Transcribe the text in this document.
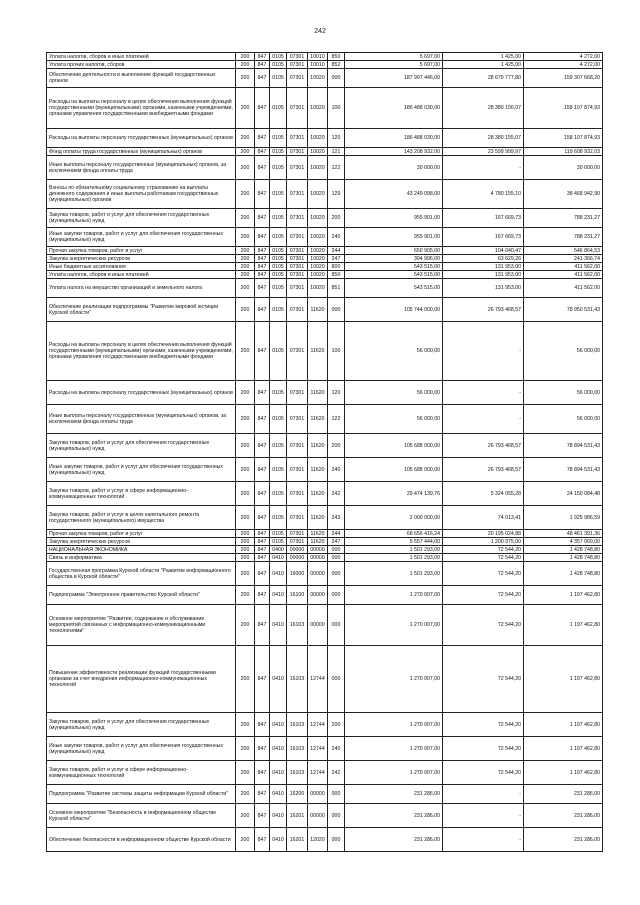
242
Уплата налогов, сборов и иных платежей	200	847	0105	07301	10010	850	5 697,00	1 425,00	4 272,00
Уплата прочих налогов, сборов	200	847	0105	07301	10010	852	5 697,00	1 425,00	4 272,00
Обеспечение деятельности и выполнение функций государственных органов	200	847	0105	07301	10020	000	187 997 446,00	28 679 777,80	159 307 668,20
Расходы на выплаты персоналу в целях обеспечения выполнения функций государственными (муниципальными) органами, казенными учреждениями, органами управления государственными внебюджетными фондами	200	847	0105	07301	10020	100	186 488 030,00	28 380 156,07	158 107 874,93
Расходы на выплаты персоналу государственных (муниципальных) органов	200	847	0105	07301	10020	120	186 488 030,00	28 380 155,07	158 107 874,93
Фонд оплаты труда государственных (муниципальных) органов	200	847	0105	07301	10020	121	143 208 932,00	23 599 999,97	119 608 932,03
Иные выплаты персоналу государственных (муниципальных) органов, за исключением фонда оплаты труда	200	847	0105	07301	10020	122	30 000,00	-	30 000,00
Взносы по обязательному социальному страхованию на выплаты денежного содержания и иные выплаты работникам государственных (муниципальных) органов	200	847	0105	07301	10020	129	43 249 098,00	4 780 155,10	38 468 942,90
Закупка товаров, работ и услуг для обеспечения государственных (муниципальных) нужд	200	847	0105	07301	10020	200	955 901,00	167 669,73	788 231,27
Иные закупки товаров, работ и услуг для обеспечения государственных (муниципальных) нужд	200	847	0105	07301	10020	240	955 901,00	167 669,73	788 231,27
Прочая закупка товаров, работ и услуг	200	847	0105	07301	10020	244	650 905,00	104 040,47	546 864,53
Закупка энергетических ресурсов	200	847	0105	07301	10020	247	304 996,00	63 629,26	241 366,74
Иные бюджетные ассигнования	200	847	0105	07301	10020	800	543 515,00	131 953,00	411 562,00
Уплата налогов, сборов и иных платежей	200	847	0105	07301	10020	850	543 515,00	131 953,00	411 562,00
Уплата налога на имущество организаций и земельного налога	200	847	0105	07301	10020	851	543 515,00	131 953,00	411 562,00
Обеспечение реализации подпрограммы "Развитие мировой юстиции Курской области"	200	847	0105	07301	11620	000	105 744 000,00	26 793 468,57	78 950 531,43
Расходы на выплаты персоналу в целях обеспечения выполнения функций государственными (муниципальными) органами, казенными учреждениями, органами управления государственными внебюджетными фондами	200	847	0105	07301	11620	100	56 000,00	-	56 000,00
Расходы на выплаты персоналу государственных (муниципальных) органов	200	847	0105	07301	11620	120	56 000,00	-	56 000,00
Иные выплаты персоналу государственных (муниципальных) органов, за исключением фонда оплаты труда	200	847	0105	07301	11620	122	56 000,00	-	56 000,00
Закупка товаров, работ и услуг для обеспечения государственных (муниципальных) нужд	200	847	0105	07301	11620	200	105 688 000,00	26 793 468,57	78 894 531,43
Иные закупки товаров, работ и услуг для обеспечения государственных (муниципальных) нужд	200	847	0105	07301	11620	240	105 688 000,00	26 793 468,57	78 894 531,43
Закупка товаров, работ и услуг в сфере информационно-коммуникационных технологий	200	847	0105	07301	11620	242	29 474 139,76	5 324 055,28	24 150 084,48
Закупка товаров, работ и услуг в целях капитального ремонта государственного (муниципального) имущества	200	847	0105	07301	11620	243	2 000 000,00	74 013,41	1 925 986,59
Прочая закупка товаров, работ и услуг	200	847	0105	07301	11620	244	68 656 416,24	20 195 024,88	48 461 391,36
Закупка энергетических ресурсов	200	847	0105	07301	11620	247	5 557 444,00	1 200 375,00	4 357 069,00
НАЦИОНАЛЬНАЯ ЭКОНОМИКА	200	847	0400	00000	00000	000	1 501 293,00	72 544,20	1 428 748,80
Связь и информатика	200	847	0410	00000	00000	000	1 501 293,00	72 544,20	1 428 748,80
Государственная программа Курской области "Развитие информационного общества в Курской области"	200	847	0410	16000	00000	000	1 501 293,00	72 544,20	1 428 748,80
Подпрограмма "Электронное правительство Курской области"	200	847	0410	16100	00000	000	1 270 007,00	72 544,20	1 197 462,80
Основное мероприятие "Развитие, содержание и обслуживание мероприятий связанных с информационно-коммуникационными технологиями"	200	847	0410	16103	00000	000	1 270 007,00	72 544,20	1 197 462,80
Повышение эффективности реализации функций государственными органами за счет внедрения информационно-коммуникационных технологий	200	847	0410	16103	12744	000	1 270 007,00	72 544,20	1 197 462,80
Закупка товаров, работ и услуг для обеспечения государственных (муниципальных) нужд	200	847	0410	16103	12744	200	1 270 007,00	72 544,20	1 197 462,80
Иные закупки товаров, работ и услуг для обеспечения государственных (муниципальных) нужд	200	847	0410	16103	12744	240	1 270 007,00	72 544,20	1 197 462,80
Закупка товаров, работ и услуг в сфере информационно-коммуникационных технологий	200	847	0410	16103	12744	242	1 270 007,00	72 544,20	1 197 462,80
Подпрограмма "Развитие системы защиты информации Курской области"	200	847	0410	16200	00000	000	231 286,00	-	231 286,00
Основное мероприятие "Безопасность в информационном обществе Курской области"	200	847	0410	16201	00000	000	231 286,00	-	231 286,00
Обеспечение безопасности в информационном обществе Курской области	200	847	0410	16201	12020	000	231 286,00	-	231 286,00
